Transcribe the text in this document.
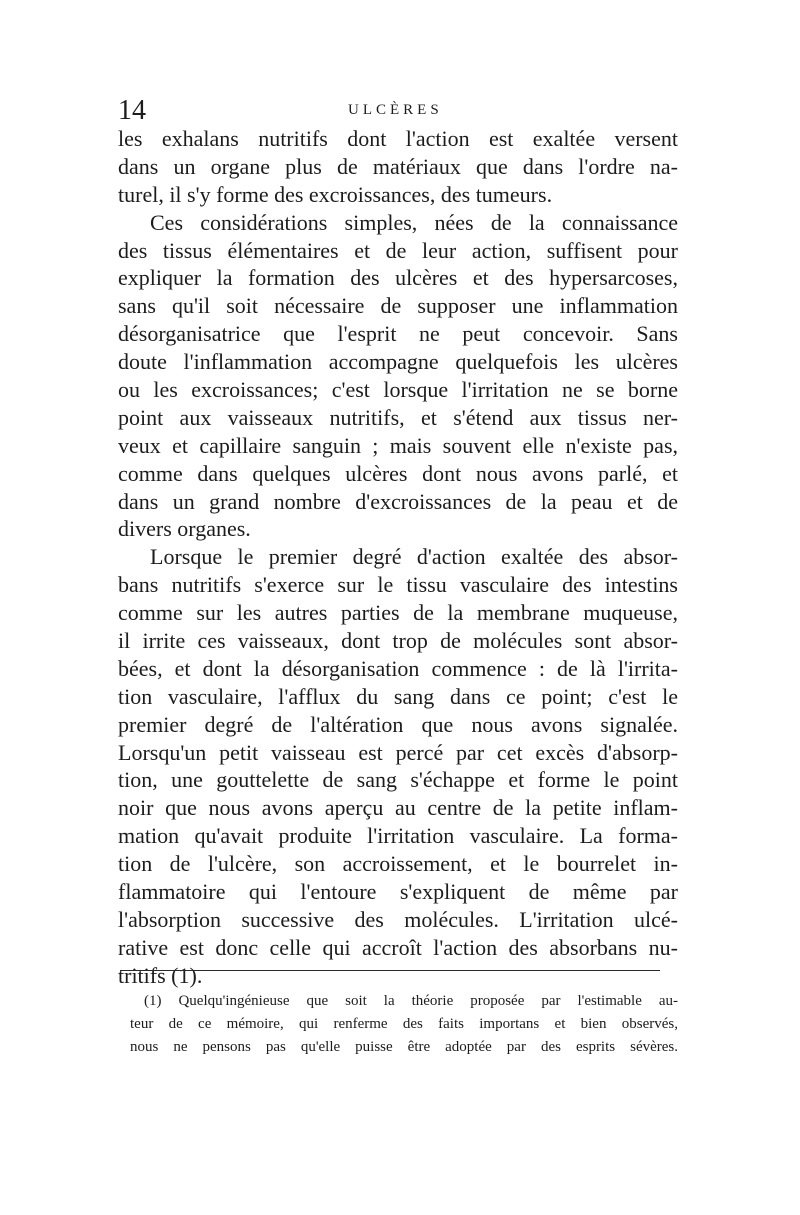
14	ULCÈRES
les exhalans nutritifs dont l'action est exaltée versent
dans un organe plus de matériaux que dans l'ordre na-
turel, il s'y forme des excroissances, des tumeurs.
Ces considérations simples, nées de la connaissance
des tissus élémentaires et de leur action, suffisent pour
expliquer la formation des ulcères et des hypersarcoses,
sans qu'il soit nécessaire de supposer une inflammation
désorganisatrice que l'esprit ne peut concevoir. Sans
doute l'inflammation accompagne quelquefois les ulcères
ou les excroissances; c'est lorsque l'irritation ne se borne
point aux vaisseaux nutritifs, et s'étend aux tissus ner-
veux et capillaire sanguin ; mais souvent elle n'existe pas,
comme dans quelques ulcères dont nous avons parlé, et
dans un grand nombre d'excroissances de la peau et de
divers organes.
Lorsque le premier degré d'action exaltée des absor-
bans nutritifs s'exerce sur le tissu vasculaire des intestins
comme sur les autres parties de la membrane muqueuse,
il irrite ces vaisseaux, dont trop de molécules sont absor-
bées, et dont la désorganisation commence : de là l'irrita-
tion vasculaire, l'afflux du sang dans ce point; c'est le
premier degré de l'altération que nous avons signalée.
Lorsqu'un petit vaisseau est percé par cet excès d'absorp-
tion, une gouttelette de sang s'échappe et forme le point
noir que nous avons aperçu au centre de la petite inflam-
mation qu'avait produite l'irritation vasculaire. La forma-
tion de l'ulcère, son accroissement, et le bourrelet in-
flammatoire qui l'entoure s'expliquent de même par
l'absorption successive des molécules. L'irritation ulcé-
rative est donc celle qui accroît l'action des absorbans nu-
tritifs (1).
(1) Quelqu'ingénieuse que soit la théorie proposée par l'estimable au-
teur de ce mémoire, qui renferme des faits importans et bien observés,
nous ne pensons pas qu'elle puisse être adoptée par des esprits sévères.
